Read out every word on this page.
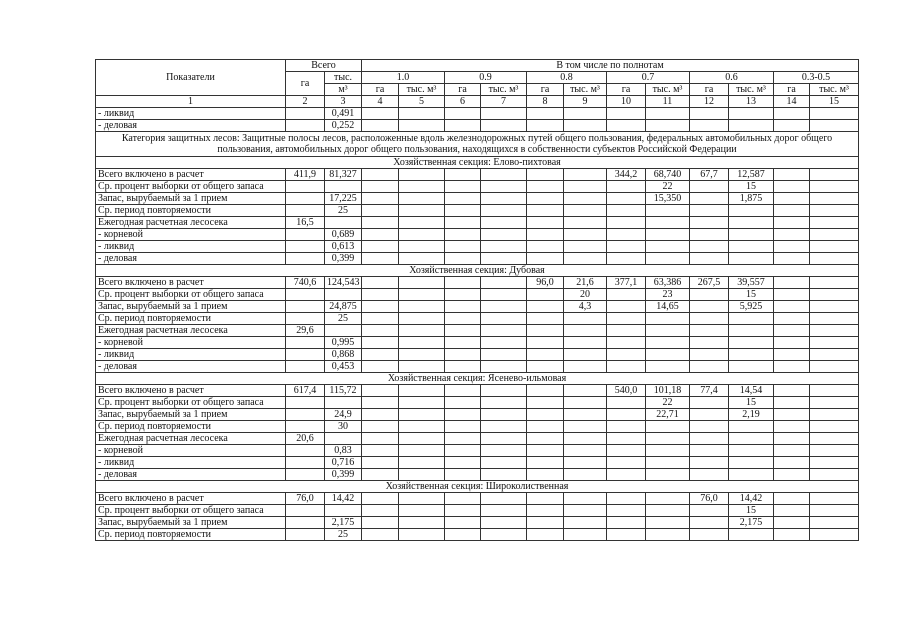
Показатели	Всего		В том числе по полнотам											
	га	тыс.	1.0		0.9		0.8		0.7		0.6		0.3-0.5	
		м³	га	тыс. м³	га	тыс. м³	га	тыс. м³	га	тыс. м³	га	тыс. м³	га	тыс. м³
1	2	3	4	5	6	7	8	9	10	11	12	13	14	15
- ликвид		0,491												
- деловая		0,252												
Категория защитных лесов: Защитные полосы лесов, расположенные вдоль железнодорожных путей общего пользования, федеральных автомобильных дорог общего пользования, автомобильных дорог общего пользования, находящихся в собственности субъектов Российской Федерации														
Хозяйственная секция: Елово-пихтовая														
Всего включено в расчет	411,9	81,327							344,2	68,740	67,7	12,587		
Ср. процент выборки от общего запаса										22		15		
Запас, вырубаемый за 1 прием		17,225								15,350		1,875		
Ср. период повторяемости		25												
Ежегодная расчетная лесосека	16,5													
- корневой		0,689												
- ликвид		0,613												
- деловая		0,399												
Хозяйственная секция: Дубовая														
Всего включено в расчет	740,6	124,543					96,0	21,6	377,1	63,386	267,5	39,557		
Ср. процент выборки от общего запаса								20		23		15		
Запас, вырубаемый за 1 прием		24,875						4,3		14,65		5,925		
Ср. период повторяемости		25												
Ежегодная расчетная лесосека	29,6													
- корневой		0,995												
- ликвид		0,868												
- деловая		0,453												
Хозяйственная секция: Ясенево-ильмовая														
Всего включено в расчет	617,4	115,72							540,0	101,18	77,4	14,54		
Ср. процент выборки от общего запаса										22		15		
Запас, вырубаемый за 1 прием		24,9								22,71		2,19		
Ср. период повторяемости		30												
Ежегодная расчетная лесосека	20,6													
- корневой		0,83												
- ликвид		0,716												
- деловая		0,399												
Хозяйственная секция: Широколиственная														
Всего включено в расчет	76,0	14,42									76,0	14,42		
Ср. процент выборки от общего запаса												15		
Запас, вырубаемый за 1 прием		2,175										2,175		
Ср. период повторяемости		25												
